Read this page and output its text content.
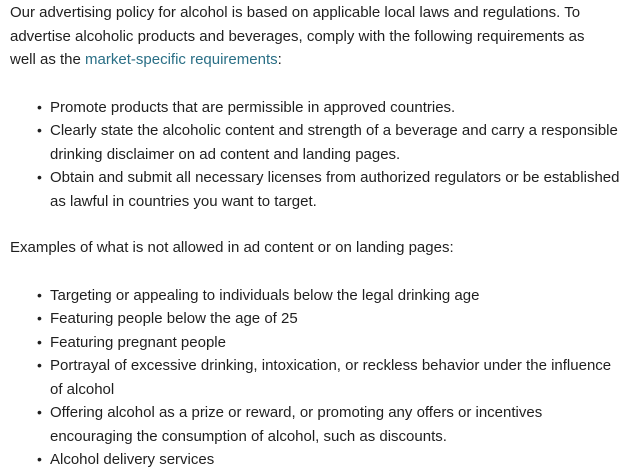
Our advertising policy for alcohol is based on applicable local laws and regulations. To advertise alcoholic products and beverages, comply with the following requirements as well as the market-specific requirements:

• Promote products that are permissible in approved countries.
• Clearly state the alcoholic content and strength of a beverage and carry a responsible drinking disclaimer on ad content and landing pages.
• Obtain and submit all necessary licenses from authorized regulators or be established as lawful in countries you want to target.

Examples of what is not allowed in ad content or on landing pages:

• Targeting or appealing to individuals below the legal drinking age
• Featuring people below the age of 25
• Featuring pregnant people
• Portrayal of excessive drinking, intoxication, or reckless behavior under the influence of alcohol
• Offering alcohol as a prize or reward, or promoting any offers or incentives encouraging the consumption of alcohol, such as discounts.
• Alcohol delivery services
